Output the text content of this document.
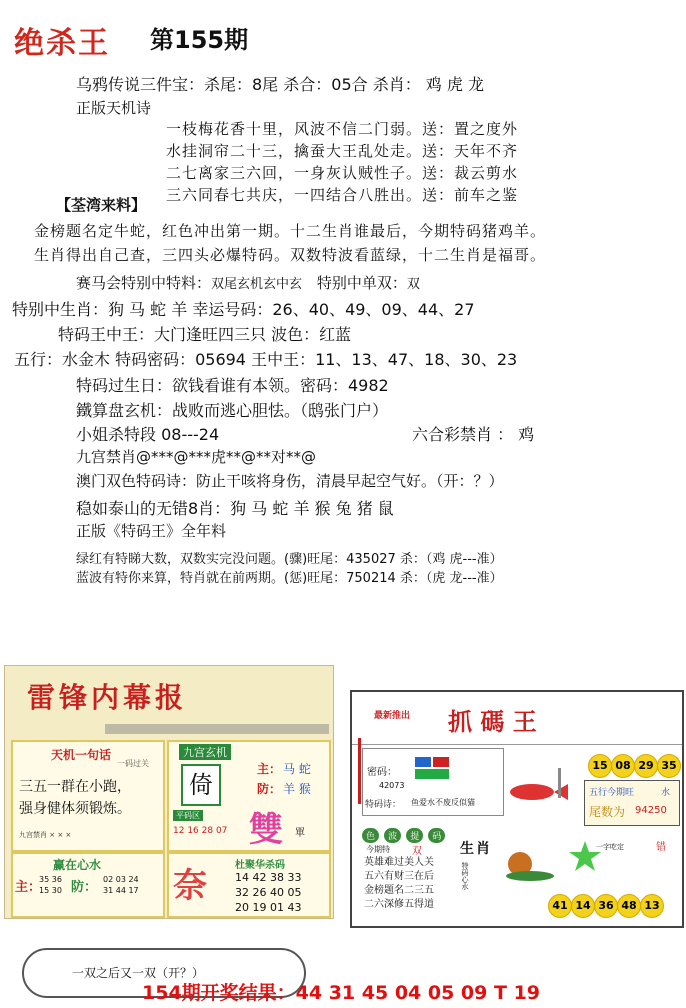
绝杀王 第155期
乌鸦传说三件宝：杀尾：8尾 杀合：05合 杀肖： 鸡 虎 龙
正版天机诗
一枝梅花香十里，风波不信二门弱。送：置之度外
水挂洞帘二十三，擒蚕大王乱处走。送：天年不齐
二七离家三六回，一身灰认贼性子。送：裁云剪水
三六同春七共庆，一四结合八胜出。送：前车之鉴
【荃湾来料】
金榜题名定牛蛇，红色冲出第一期。十二生肖谁最后，今期特码猪鸡羊。
生肖得出自己查，三四头必爆特码。双数特波看蓝绿，十二生肖是福哥。
赛马会特别中特料：双尾玄机玄中玄 特别中单双：双
特别中生肖：狗 马 蛇 羊 幸运号码：26、40、49、09、44、27
特码王中王：大门逢旺四三只 波色：红蓝
五行：水金木 特码密码：05694 王中王：11、13、47、18、30、23
特码过生日：欲钱看谁有本领。密码：4982
鐵算盘玄机：战败而逃心胆怯。（鸱张门户）
小姐杀特段 08---24	六合彩禁肖 ： 鸡
九宫禁肖@***@***虎**@**对**@
澳门双色特码诗：防止干咳将身伤，清晨早起空气好。（开：？）
稳如泰山的无错8肖：狗 马 蛇 羊 猴 兔 猪 鼠
正版《特码王》全年料
绿红有特睇大数，双数实完没问题。(骤)旺尾：435027 杀：（鸡 虎---准）
蓝波有特你来算，特肖就在前两期。(惩)旺尾：750214 杀：（虎 龙---准）
雷锋内幕报
天机一句话
一码过关
三五一群在小跑，
强身健体须锻炼。
九宫禁肖 × × ×
九宫玄机
倚
主： 马 蛇
防： 羊 猴
平码区
12 16 28 07 雙 單
赢在心水
主： 防：
35 36
15 30
02 03 24
31 44 17 奈
杜聚华杀码
14 42 38 33
32 26 40 05
20 19 01 43
最新推出 抓 碼 王
密码：
42073
特码诗： 鱼爱水不废反似猫
15 08 29 35
五行今期旺	水
尾数为 94250
色 波 提 码
今期特 双	生 肖
英雄难过美人关
五六有财三在后
金榜题名二三五
二六深修五得道
特码心水
一字吃定	错
41 14 36 48 13
一双之后又一双（开？）
154期开奖结果：44 31 45 04 05 09 T 19
